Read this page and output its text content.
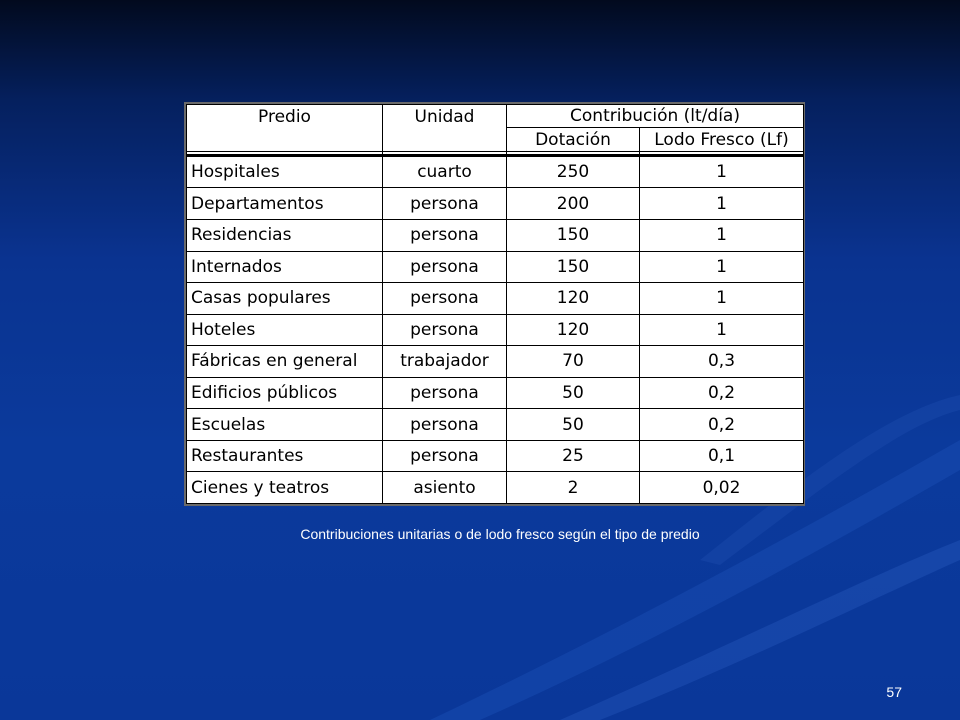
Predio	Unidad	Contribución (lt/día)	
		Dotación	Lodo Fresco (Lf)

Hospitales	cuarto	250	1
Departamentos	persona	200	1
Residencias	persona	150	1
Internados	persona	150	1
Casas populares	persona	120	1
Hoteles	persona	120	1
Fábricas en general	trabajador	70	0,3
Edificios públicos	persona	50	0,2
Escuelas	persona	50	0,2
Restaurantes	persona	25	0,1
Cienes y teatros	asiento	2	0,02
Contribuciones unitarias o de lodo fresco según el tipo de predio
57
